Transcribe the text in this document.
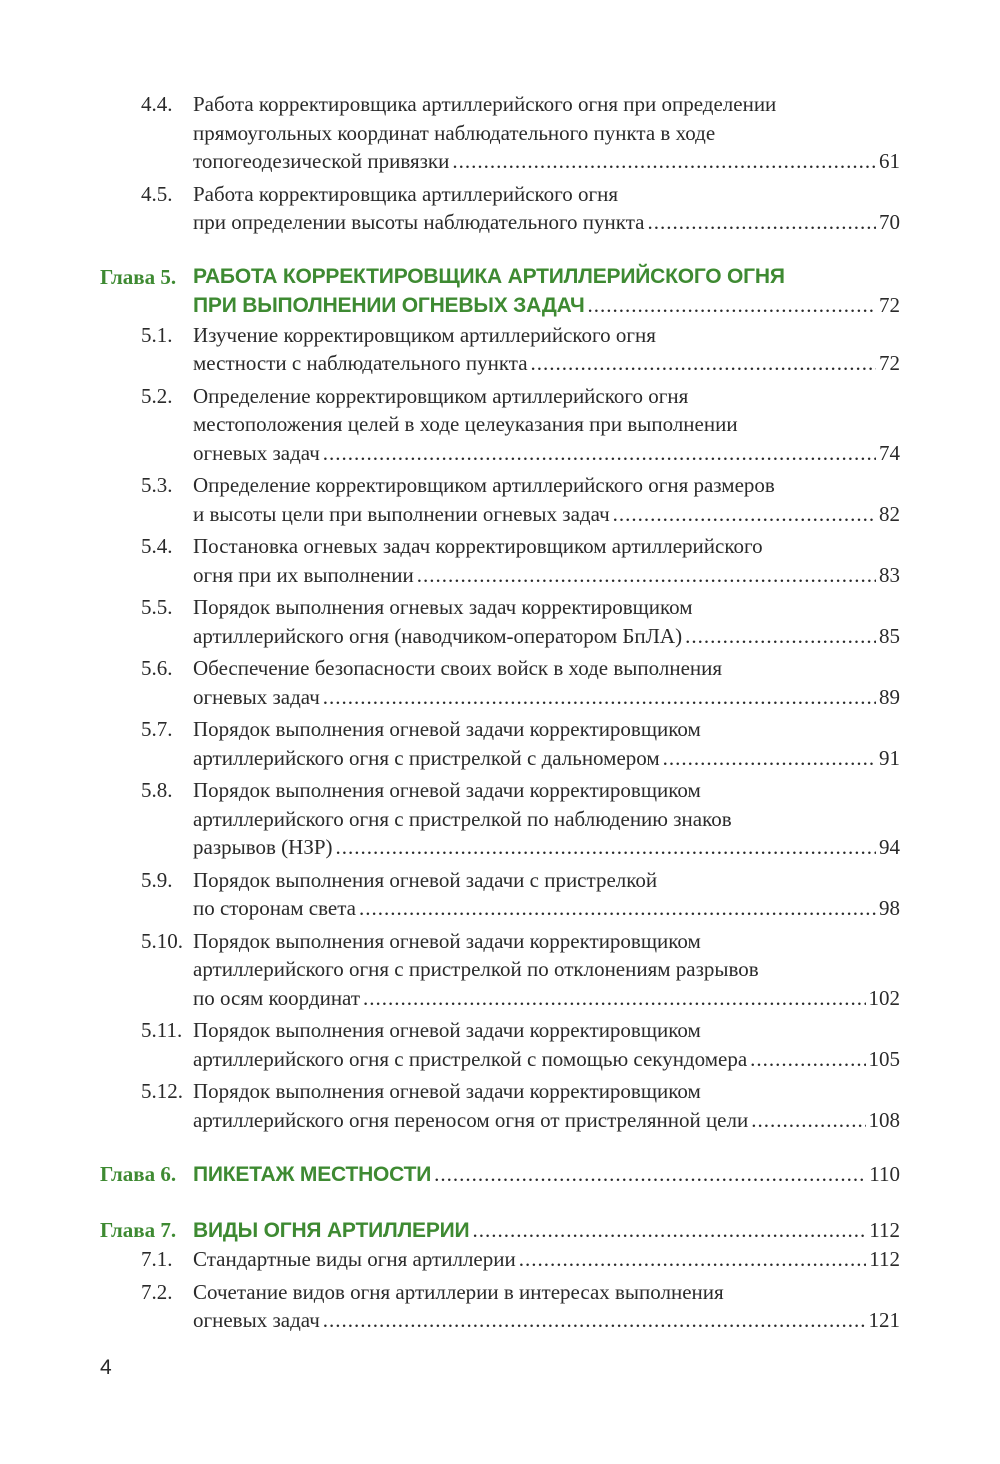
4.4. Работа корректировщика артиллерийского огня при определении
прямоугольных координат наблюдательного пункта в ходе
топогеодезической привязки .....	61
4.5. Работа корректировщика артиллерийского огня
при определении высоты наблюдательного пункта .....	70
Глава 5. РАБОТА КОРРЕКТИРОВЩИКА АРТИЛЛЕРИЙСКОГО ОГНЯ
ПРИ ВЫПОЛНЕНИИ ОГНЕВЫХ ЗАДАЧ .....	72
5.1. Изучение корректировщиком артиллерийского огня
местности с наблюдательного пункта .....	72
5.2. Определение корректировщиком артиллерийского огня
местоположения целей в ходе целеуказания при выполнении
огневых задач .....	74
5.3. Определение корректировщиком артиллерийского огня размеров
и высоты цели при выполнении огневых задач .....	82
5.4. Постановка огневых задач корректировщиком артиллерийского
огня при их выполнении .....	83
5.5. Порядок выполнения огневых задач корректировщиком
артиллерийского огня (наводчиком-оператором БпЛА) .....	85
5.6. Обеспечение безопасности своих войск в ходе выполнения
огневых задач .....	89
5.7. Порядок выполнения огневой задачи корректировщиком
артиллерийского огня с пристрелкой с дальномером .....	91
5.8. Порядок выполнения огневой задачи корректировщиком
артиллерийского огня с пристрелкой по наблюдению знаков
разрывов (НЗР) .....	94
5.9. Порядок выполнения огневой задачи с пристрелкой
по сторонам света .....	98
5.10. Порядок выполнения огневой задачи корректировщиком
артиллерийского огня с пристрелкой по отклонениям разрывов
по осям координат .....	102
5.11. Порядок выполнения огневой задачи корректировщиком
артиллерийского огня с пристрелкой с помощью секундомера .....	105
5.12. Порядок выполнения огневой задачи корректировщиком
артиллерийского огня переносом огня от пристрелянной цели .....	108
Глава 6. ПИКЕТАЖ МЕСТНОСТИ .....	110
Глава 7. ВИДЫ ОГНЯ АРТИЛЛЕРИИ .....	112
7.1. Стандартные виды огня артиллерии .....	112
7.2. Сочетание видов огня артиллерии в интересах выполнения
огневых задач .....	121
4
